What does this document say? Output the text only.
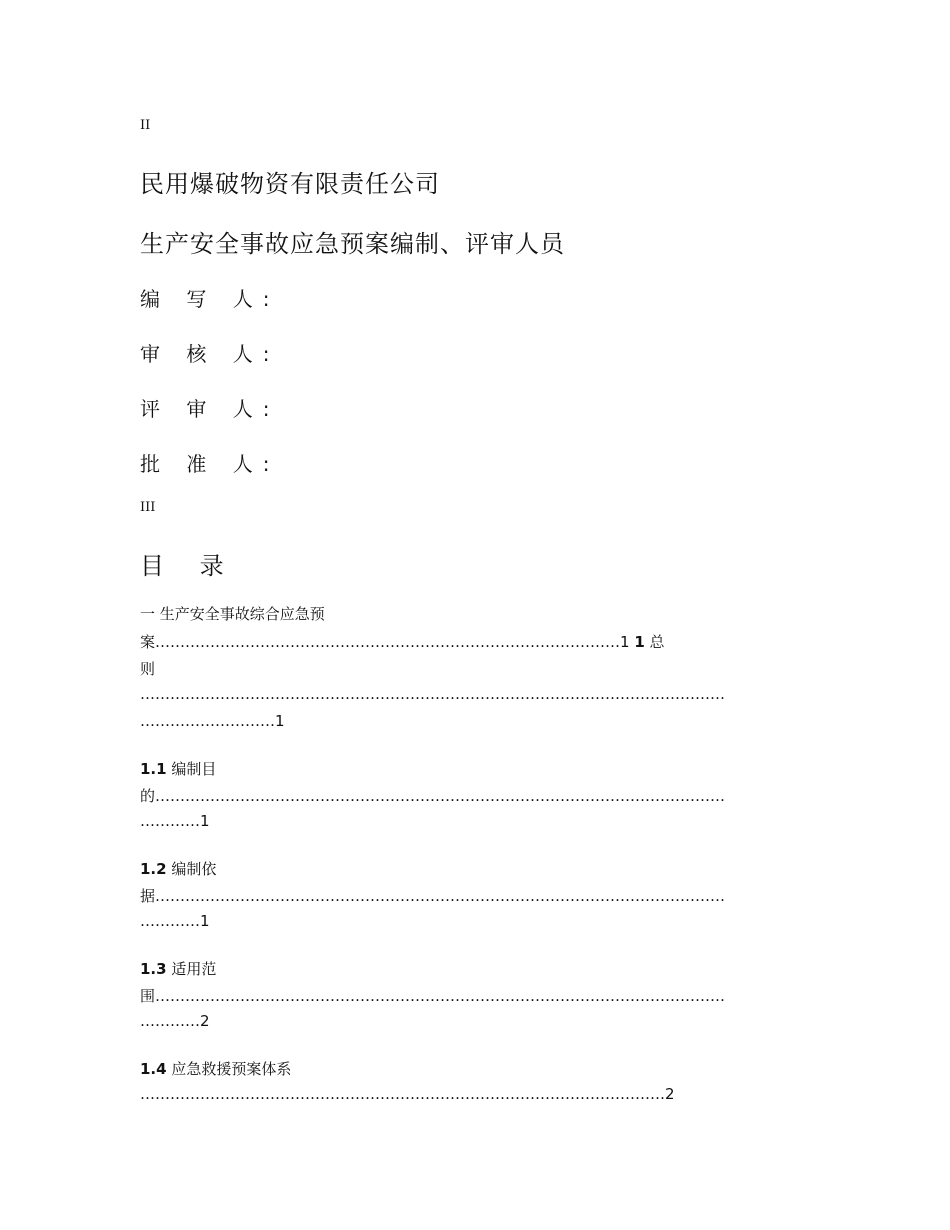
II
民用爆破物资有限责任公司
生产安全事故应急预案编制、评审人员
编 写 人:
审 核 人:
评 审 人:
批 准 人:
III
目 录
一 生产安全事故综合应急预
案…………………………………………………………………………………1 1 总
则
………………………………………………………………………………………………………
………………………1
1.1 编制目
的……………………………………………………………………………………………………
…………1
1.2 编制依
据……………………………………………………………………………………………………
…………1
1.3 适用范
围……………………………………………………………………………………………………
…………2
1.4 应急救援预案体系
……………………………………………………………………………………………2
